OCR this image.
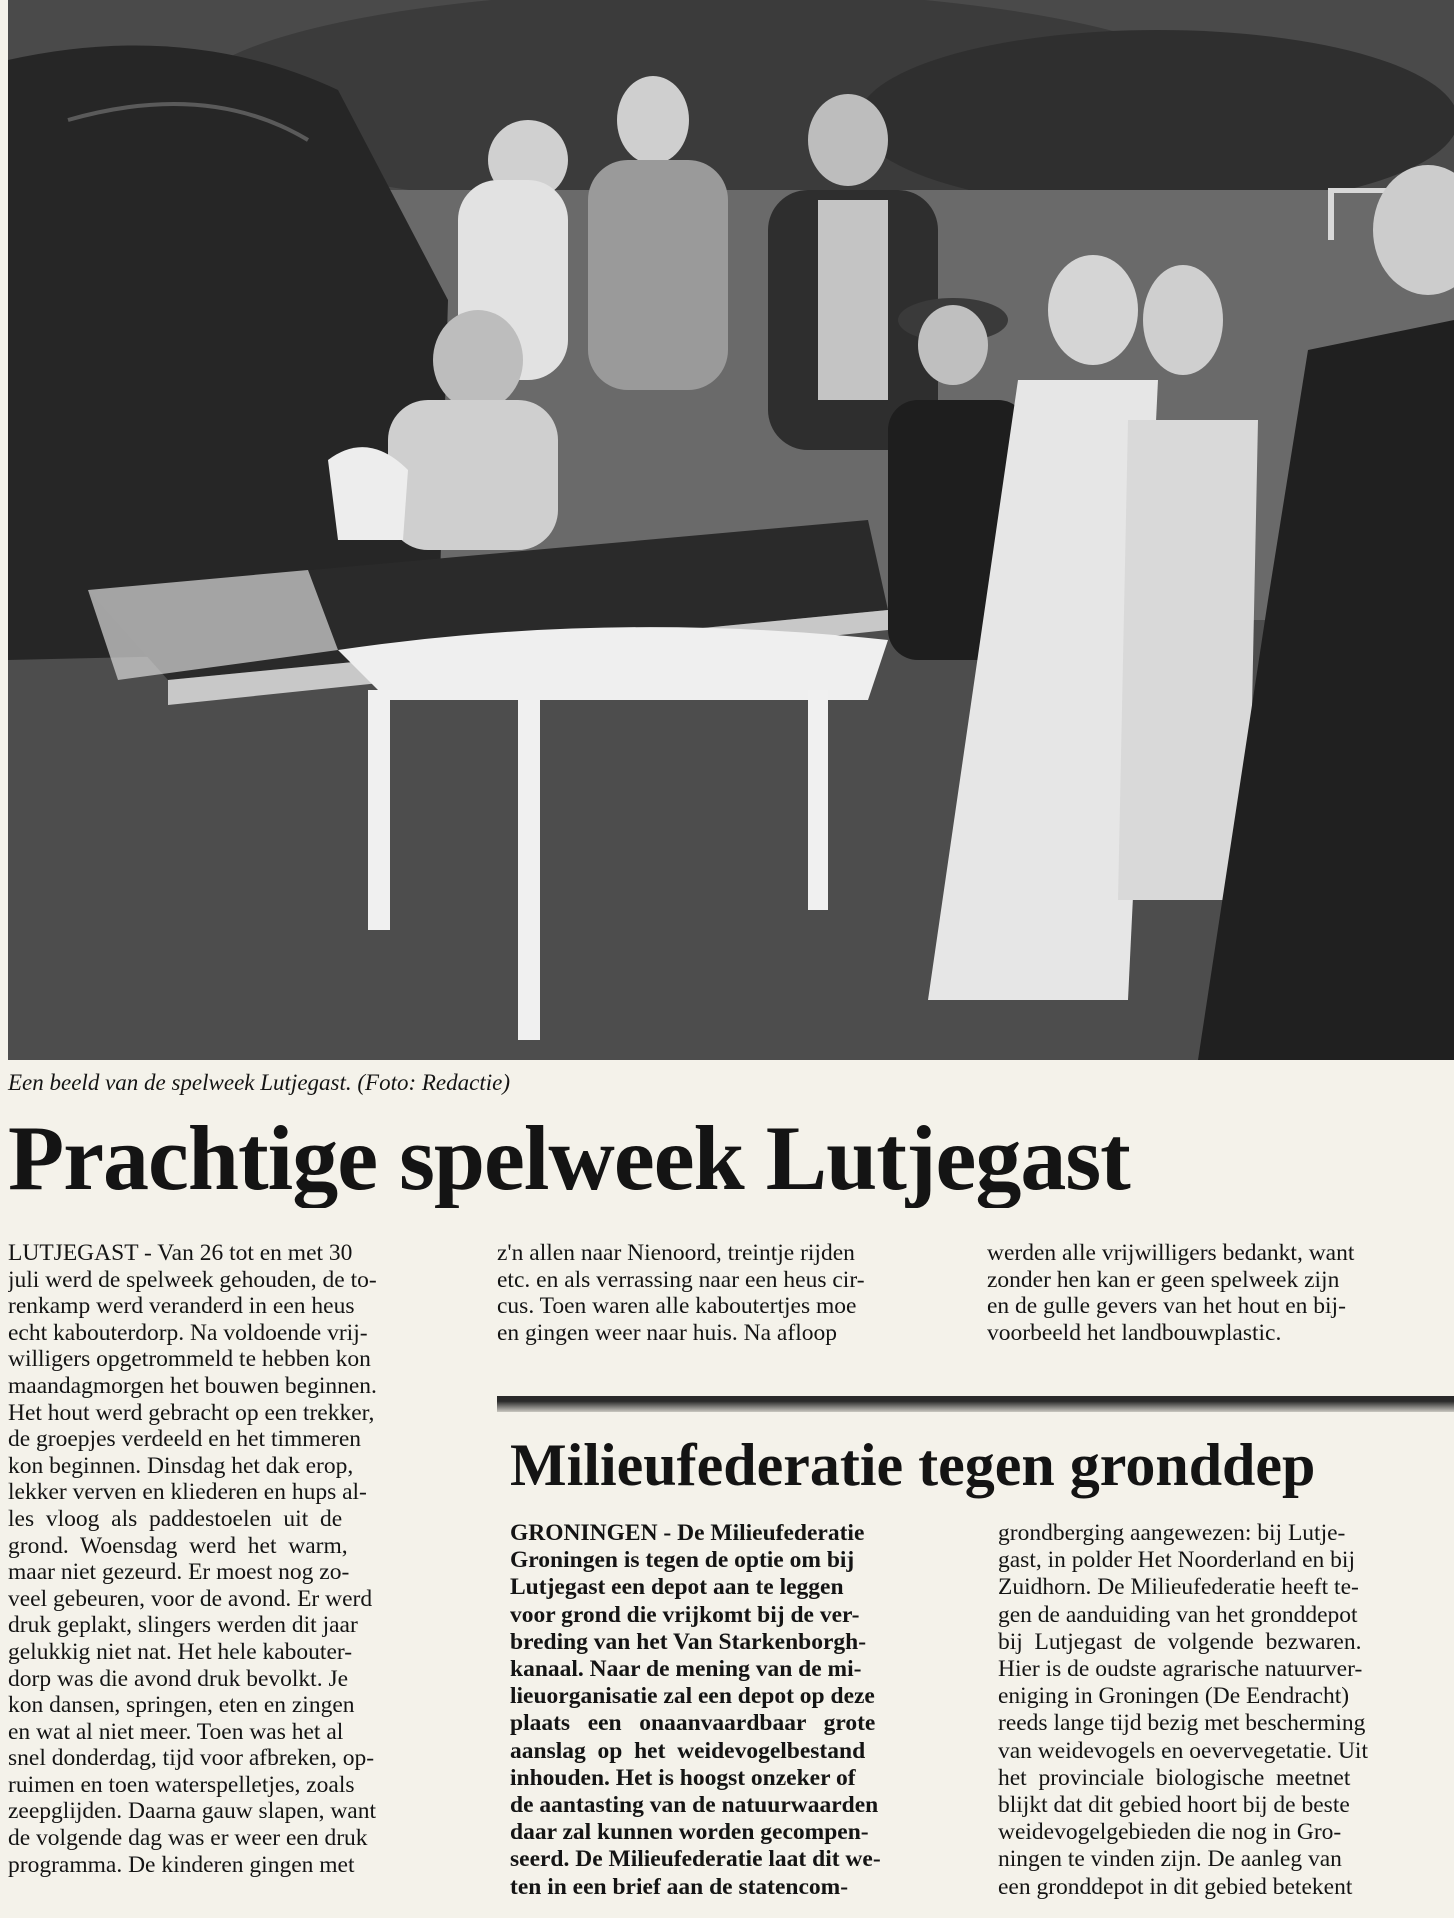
Een beeld van de spelweek Lutjegast. (Foto: Redactie)
Prachtige spelweek Lutjegast
LUTJEGAST - Van 26 tot en met 30
juli werd de spelweek gehouden, de to-
renkamp werd veranderd in een heus
echt kabouterdorp. Na voldoende vrij-
willigers opgetrommeld te hebben kon
maandagmorgen het bouwen beginnen.
Het hout werd gebracht op een trekker,
de groepjes verdeeld en het timmeren
kon beginnen. Dinsdag het dak erop,
lekker verven en kliederen en hups al-
les  vloog  als  paddestoelen  uit  de
grond.  Woensdag  werd  het  warm,
maar niet gezeurd. Er moest nog zo-
veel gebeuren, voor de avond. Er werd
druk geplakt, slingers werden dit jaar
gelukkig niet nat. Het hele kabouter-
dorp was die avond druk bevolkt. Je
kon dansen, springen, eten en zingen
en wat al niet meer. Toen was het al
snel donderdag, tijd voor afbreken, op-
ruimen en toen waterspelletjes, zoals
zeepglijden. Daarna gauw slapen, want
de volgende dag was er weer een druk
programma. De kinderen gingen met
z'n allen naar Nienoord, treintje rijden
etc. en als verrassing naar een heus cir-
cus. Toen waren alle kaboutertjes moe
en gingen weer naar huis. Na afloop
werden alle vrijwilligers bedankt, want
zonder hen kan er geen spelweek zijn
en de gulle gevers van het hout en bij-
voorbeeld het landbouwplastic.
Milieufederatie tegen gronddep
GRONINGEN - De Milieufederatie
Groningen is tegen de optie om bij
Lutjegast een depot aan te leggen
voor grond die vrijkomt bij de ver-
breding van het Van Starkenborgh-
kanaal. Naar de mening van de mi-
lieuorganisatie zal een depot op deze
plaats   een   onaanvaardbaar   grote
aanslag  op  het  weidevogelbestand
inhouden. Het is hoogst onzeker of
de aantasting van de natuurwaarden
daar zal kunnen worden gecompen-
seerd. De Milieufederatie laat dit we-
ten in een brief aan de statencom-
grondberging aangewezen: bij Lutje-
gast, in polder Het Noorderland en bij
Zuidhorn. De Milieufederatie heeft te-
gen de aanduiding van het gronddepot
bij  Lutjegast  de  volgende  bezwaren.
Hier is de oudste agrarische natuurver-
eniging in Groningen (De Eendracht)
reeds lange tijd bezig met bescherming
van weidevogels en oevervegetatie. Uit
het  provinciale  biologische  meetnet
blijkt dat dit gebied hoort bij de beste
weidevogelgebieden die nog in Gro-
ningen te vinden zijn. De aanleg van
een gronddepot in dit gebied betekent
